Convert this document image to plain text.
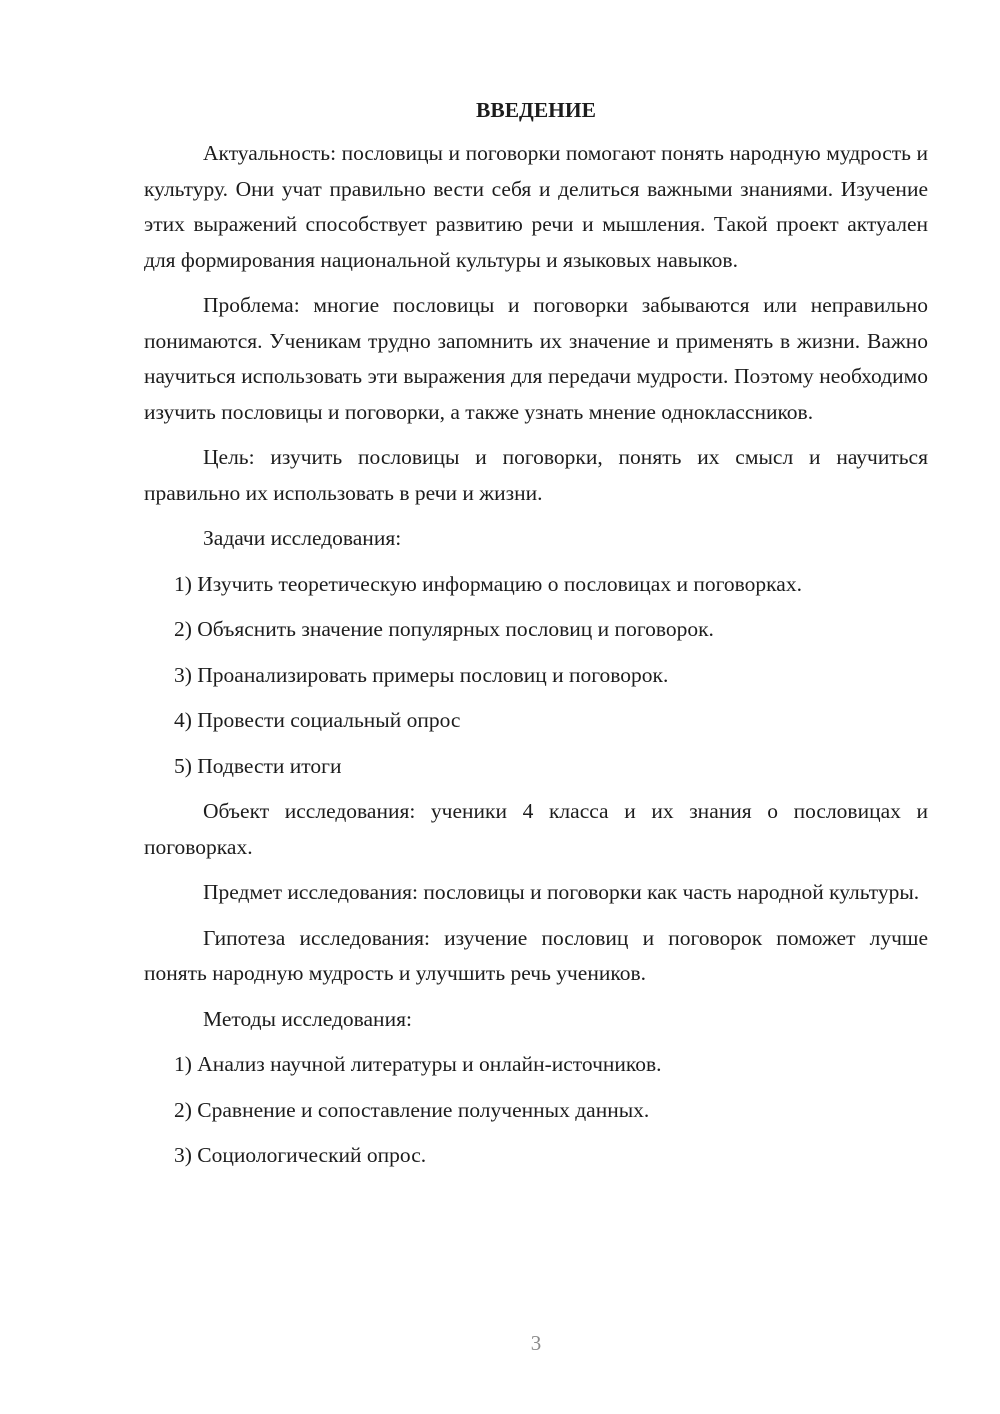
ВВЕДЕНИЕ

Актуальность: пословицы и поговорки помогают понять народную мудрость и культуру. Они учат правильно вести себя и делиться важными знаниями. Изучение этих выражений способствует развитию речи и мышления. Такой проект актуален для формирования национальной культуры и языковых навыков.

Проблема: многие пословицы и поговорки забываются или неправильно понимаются. Ученикам трудно запомнить их значение и применять в жизни. Важно научиться использовать эти выражения для передачи мудрости. Поэтому необходимо изучить пословицы и поговорки, а также узнать мнение одноклассников.

Цель: изучить пословицы и поговорки, понять их смысл и научиться правильно их использовать в речи и жизни.

Задачи исследования:

1) Изучить теоретическую информацию о пословицах и поговорках.
2) Объяснить значение популярных пословиц и поговорок.
3) Проанализировать примеры пословиц и поговорок.
4) Провести социальный опрос
5) Подвести итоги

Объект исследования: ученики 4 класса и их знания о пословицах и поговорках.

Предмет исследования: пословицы и поговорки как часть народной культуры.

Гипотеза исследования: изучение пословиц и поговорок поможет лучше понять народную мудрость и улучшить речь учеников.

Методы исследования:

1) Анализ научной литературы и онлайн-источников.
2) Сравнение и сопоставление полученных данных.
3) Социологический опрос.
3
